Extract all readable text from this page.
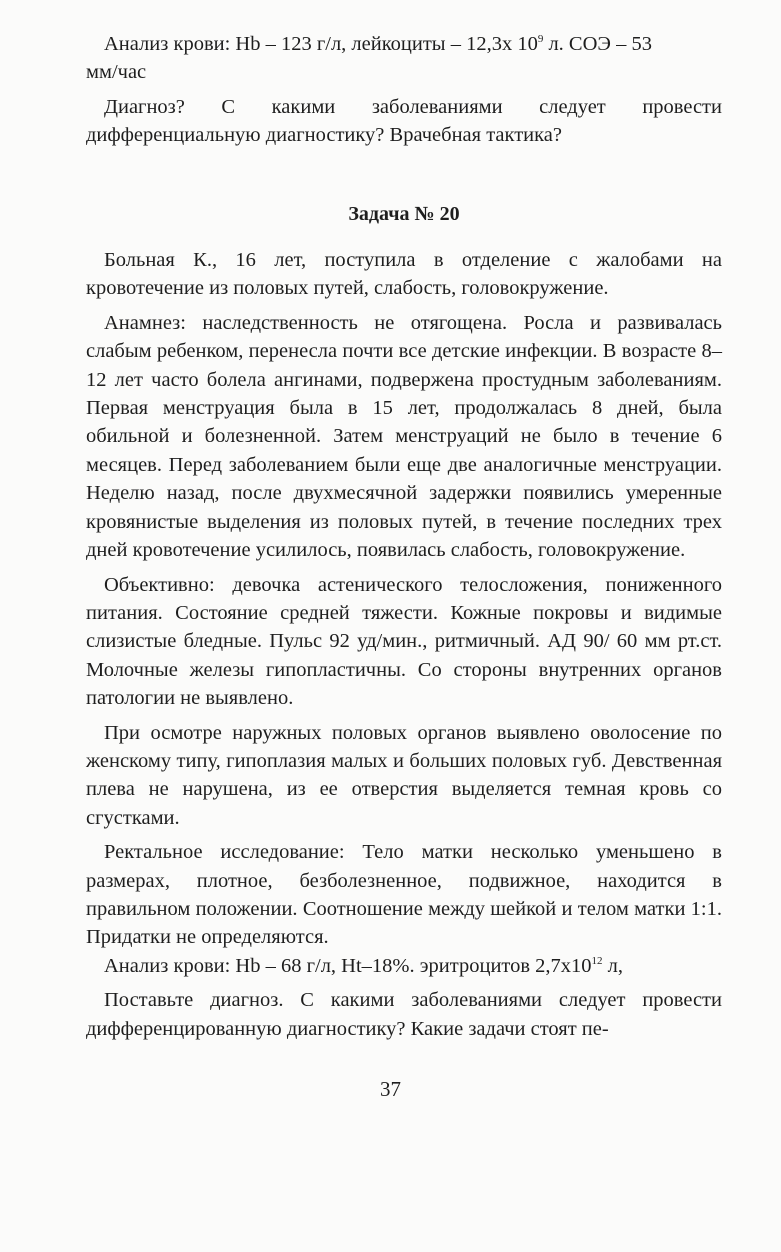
Анализ крови: Hb – 123 г/л, лейкоциты – 12,3х $10^9$ л. СОЭ – 53

мм/час

Диагноз? С какими заболеваниями следует провести дифференциальную диагностику? Врачебная тактика?

Задача № 20

Больная К., 16 лет, поступила в отделение с жалобами на кровотечение из половых путей, слабость, головокружение.

Анамнез: наследственность не отягощена. Росла и развивалась слабым ребенком, перенесла почти все детские инфекции. В возрасте 8–12 лет часто болела ангинами, подвержена простудным заболеваниям. Первая менструация была в 15 лет, продолжалась 8 дней, была обильной и болезненной. Затем менструаций не было в течение 6 месяцев. Перед заболеванием были еще две аналогичные менструации. Неделю назад, после двухмесячной задержки появились умеренные кровянистые выделения из половых путей, в течение последних трех дней кровотечение усилилось, появилась слабость, головокружение.

Объективно: девочка астенического телосложения, пониженного питания. Состояние средней тяжести. Кожные покровы и видимые слизистые бледные. Пульс 92 уд/мин., ритмичный. АД 90/ 60 мм рт.ст. Молочные железы гипопластичны. Со стороны внутренних органов патологии не выявлено.

При осмотре наружных половых органов выявлено оволосение по женскому типу, гипоплазия малых и больших половых губ. Девственная плева не нарушена, из ее отверстия выделяется темная кровь со сгустками.

Ректальное исследование: Тело матки несколько уменьшено в размерах, плотное, безболезненное, подвижное, находится в правильном положении. Соотношение между шейкой и телом матки 1:1. Придатки не определяются.

Анализ крови: Hb – 68 г/л, Ht–18%. эритроцитов $2,7х10^{12}$ л,

Поставьте диагноз. С какими заболеваниями следует провести дифференцированную диагностику? Какие задачи стоят пе-

37
